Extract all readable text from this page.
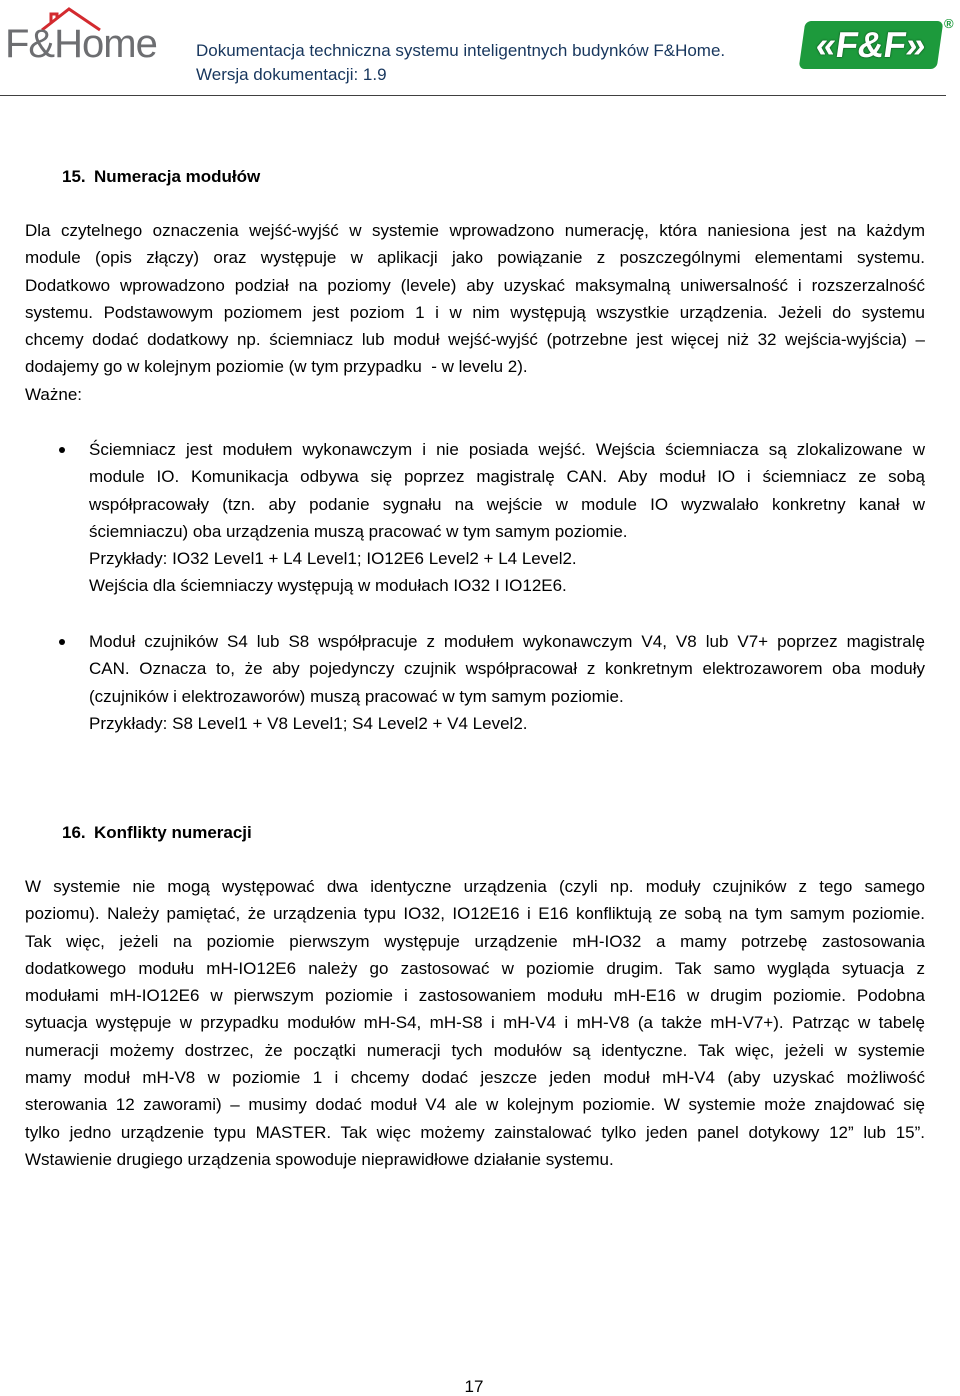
F&Home Dokumentacja techniczna systemu inteligentnych budynków F&Home.
Wersja dokumentacji: 1.9
«F&F»
®
15. Numeracja modułów
Dla czytelnego oznaczenia wejść-wyjść w systemie wprowadzono numerację, która naniesiona jest na każdym
module (opis złączy) oraz występuje w aplikacji jako powiązanie z poszczególnymi elementami systemu.
Dodatkowo wprowadzono podział na poziomy (levele) aby uzyskać maksymalną uniwersalność i rozszerzalność
systemu. Podstawowym poziomem jest poziom 1 i w nim występują wszystkie urządzenia. Jeżeli do systemu
chcemy dodać dodatkowy np. ściemniacz lub moduł wejść-wyjść (potrzebne jest więcej niż 32 wejścia-wyjścia) –
dodajemy go w kolejnym poziomie (w tym przypadku  - w levelu 2).
Ważne:
Ściemniacz jest modułem wykonawczym i nie posiada wejść. Wejścia ściemniacza są zlokalizowane w
module IO. Komunikacja odbywa się poprzez magistralę CAN. Aby moduł IO i ściemniacz ze sobą
współpracowały (tzn. aby podanie sygnału na wejście w module IO wyzwalało konkretny kanał w
ściemniaczu) oba urządzenia muszą pracować w tym samym poziomie.
Przykłady: IO32 Level1 + L4 Level1; IO12E6 Level2 + L4 Level2.
Wejścia dla ściemniaczy występują w modułach IO32 I IO12E6.
Moduł czujników S4 lub S8 współpracuje z modułem wykonawczym V4, V8 lub V7+ poprzez magistralę
CAN. Oznacza to, że aby pojedynczy czujnik współpracował z konkretnym elektrozaworem oba moduły
(czujników i elektrozaworów) muszą pracować w tym samym poziomie.
Przykłady: S8 Level1 + V8 Level1; S4 Level2 + V4 Level2.
16. Konflikty numeracji
W systemie nie mogą występować dwa identyczne urządzenia (czyli np. moduły czujników z tego samego
poziomu). Należy pamiętać, że urządzenia typu IO32, IO12E16 i E16 konfliktują ze sobą na tym samym poziomie.
Tak więc, jeżeli na poziomie pierwszym występuje urządzenie mH-IO32 a mamy potrzebę zastosowania
dodatkowego modułu mH-IO12E6 należy go zastosować w poziomie drugim. Tak samo wygląda sytuacja z
modułami mH-IO12E6 w pierwszym poziomie i zastosowaniem modułu mH-E16 w drugim poziomie. Podobna
sytuacja występuje w przypadku modułów mH-S4, mH-S8 i mH-V4 i mH-V8 (a także mH-V7+). Patrząc w tabelę
numeracji możemy dostrzec, że początki numeracji tych modułów są identyczne. Tak więc, jeżeli w systemie
mamy moduł mH-V8 w poziomie 1 i chcemy dodać jeszcze jeden moduł mH-V4 (aby uzyskać możliwość
sterowania 12 zaworami) – musimy dodać moduł V4 ale w kolejnym poziomie. W systemie może znajdować się
tylko jedno urządzenie typu MASTER. Tak więc możemy zainstalować tylko jeden panel dotykowy 12” lub 15”.
Wstawienie drugiego urządzenia spowoduje nieprawidłowe działanie systemu.
17
